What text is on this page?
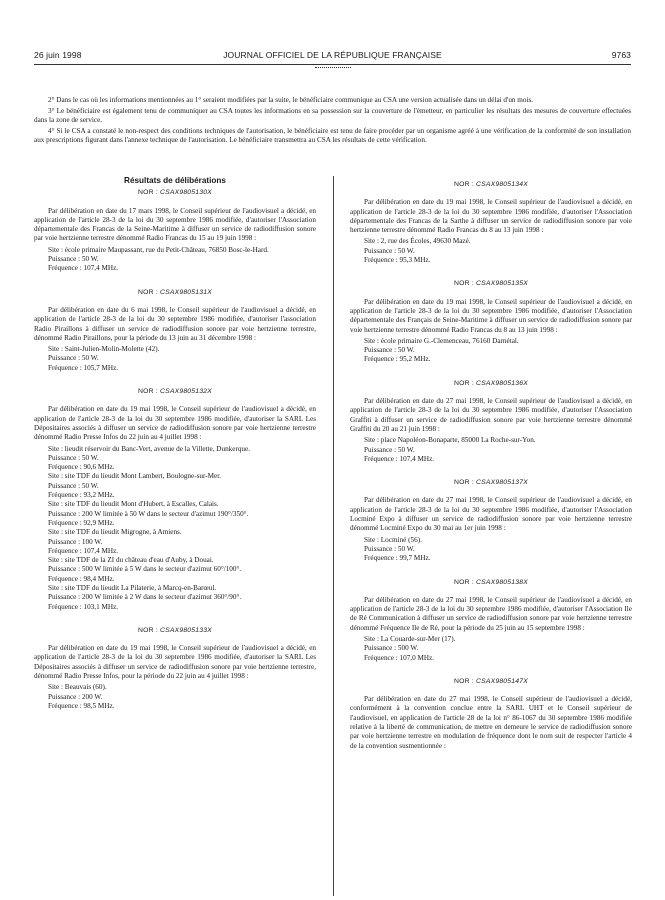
26 juin 1998	JOURNAL OFFICIEL DE LA RÉPUBLIQUE FRANÇAISE	9763

2° Dans le cas où les informations mentionnées au 1° seraient modifiées par la suite, le bénéficiaire communique au CSA une version actualisée dans un délai d'un mois.

3° Le bénéficiaire est également tenu de communiquer au CSA toutes les informations en sa possession sur la couverture de l'émetteur, en particulier les résultats des mesures de couverture effectuées dans la zone de service.

4° Si le CSA a constaté le non-respect des conditions techniques de l'autorisation, le bénéficiaire est tenu de faire procéder par un organisme agréé à une vérification de la conformité de son installation aux prescriptions figurant dans l'annexe technique de l'autorisation. Le bénéficiaire transmettra au CSA les résultats de cette vérification.

Résultats de délibérations
NOR : CSAX9805130X

Par délibération en date du 17 mars 1998, le Conseil supérieur de l'audiovisuel a décidé, en application de l'article 28-3 de la loi du 30 septembre 1986 modifiée, d'autoriser l'Association départementale des Francas de la Seine-Maritime à diffuser un service de radiodiffusion sonore par voie hertzienne terrestre dénommé Radio Francas du 15 au 19 juin 1998 :

Site : école primaire Maupassant, rue du Petit-Château, 76850 Bosc-le-Hard.

Puissance : 50 W.

Fréquence : 107,4 MHz.

NOR : CSAX9805131X

Par délibération en date du 6 mai 1998, le Conseil supérieur de l'audiovisuel a décidé, en application de l'article 28-3 de la loi du 30 septembre 1986 modifiée, d'autoriser l'association Radio Piraillons à diffuser un service de radiodiffusion sonore par voie hertzienne terrestre, dénommé Radio Piraillons, pour la période du 13 juin au 31 décembre 1998 :

Site : Saint-Julien-Molin-Molette (42).

Puissance : 50 W.

Fréquence : 105,7 MHz.

NOR : CSAX9805132X

Par délibération en date du 19 mai 1998, le Conseil supérieur de l'audiovisuel a décidé, en application de l'article 28-3 de la loi du 30 septembre 1986 modifiée, d'autoriser la SARL Les Dépositaires associés à diffuser un service de radiodiffusion sonore par voie hertzienne terrestre dénommé Radio Presse Infos du 22 juin au 4 juillet 1998 :

Site : lieudit réservoir du Banc-Vert, avenue de la Villette, Dunkerque.

Puissance : 50 W.

Fréquence : 90,6 MHz.

Site : site TDF du lieudit Mont Lambert, Boulogne-sur-Mer.

Puissance : 50 W.

Fréquence : 93,2 MHz.

Site : site TDF du lieudit Mont d'Hubert, à Escalles, Calais.

Puissance : 200 W limitée à 50 W dans le secteur d'azimut 190°/350°.

Fréquence : 92,9 MHz.

Site : site TDF du lieudit Migrogne, à Amiens.

Puissance : 100 W.

Fréquence : 107,4 MHz.

Site : site TDF de la ZI du château d'eau d'Auby, à Douai.

Puissance : 500 W limitée à 5 W dans le secteur d'azimut 60°/100°.

Fréquence : 98,4 MHz.

Site : site TDF du lieudit La Pilaterie, à Marcq-en-Barœul.

Puissance : 200 W limitée à 2 W dans le secteur d'azimut 360°/90°.

Fréquence : 103,1 MHz.

NOR : CSAX9805133X

Par délibération en date du 19 mai 1998, le Conseil supérieur de l'audiovisuel a décidé, en application de l'article 28-3 de la loi du 30 septembre 1986 modifiée, d'autoriser la SARL Les Dépositaires associés à diffuser un service de radiodiffusion sonore par voie hertzienne terrestre, dénommé Radio Presse Infos, pour la période du 22 juin au 4 juillet 1998 :

Site : Beauvais (60).

Puissance : 200 W.

Fréquence : 98,5 MHz.

NOR : CSAX9805134X

Par délibération en date du 19 mai 1998, le Conseil supérieur de l'audiovisuel a décidé, en application de l'article 28-3 de la loi du 30 septembre 1986 modifiée, d'autoriser l'Association départementale des Francas de la Sarthe à diffuser un service de radiodiffusion sonore par voie hertzienne terrestre dénommé Radio Francas du 8 au 13 juin 1998 :

Site : 2, rue des Écoles, 49630 Mazé.

Puissance : 50 W.

Fréquence : 95,3 MHz.

NOR : CSAX9805135X

Par délibération en date du 19 mai 1998, le Conseil supérieur de l'audiovisuel a décidé, en application de l'article 28-3 de la loi du 30 septembre 1986 modifiée, d'autoriser l'Association départementale des Français de Seine-Maritime à diffuser un service de radiodiffusion sonore par voie hertzienne terrestre dénommé Radio Francas du 8 au 13 juin 1998 :

Site : école primaire G.-Clemenceau, 76160 Darnétal.

Puissance : 50 W.

Fréquence : 95,2 MHz.

NOR : CSAX9805136X

Par délibération en date du 27 mai 1998, le Conseil supérieur de l'audiovisuel a décidé, en application de l'article 28-3 de la loi du 30 septembre 1986 modifiée, d'autoriser l'Association Graffiti à diffuser un service de radiodiffusion sonore par voie hertzienne terrestre dénommé Graffiti du 20 au 21 juin 1998 :

Site : place Napoléon-Bonaparte, 85000 La Roche-sur-Yon.

Puissance : 50 W.

Fréquence : 107,4 MHz.

NOR : CSAX9805137X

Par délibération en date du 27 mai 1998, le Conseil supérieur de l'audiovisuel a décidé, en application de l'article 28-3 de la loi du 30 septembre 1986 modifiée, d'autoriser l'Association Locminé Expo à diffuser un service de radiodiffusion sonore par voie hertzienne terrestre dénommé Locminé Expo du 30 mai au 1er juin 1998 :

Site : Locminé (56).

Puissance : 50 W.

Fréquence : 99,7 MHz.

NOR : CSAX9805138X

Par délibération en date du 27 mai 1998, le Conseil supérieur de l'audiovisuel a décidé, en application de l'article 28-3 de la loi du 30 septembre 1986 modifiée, d'autoriser l'Association Ile de Ré Communication à diffuser un service de radiodiffusion sonore par voie hertzienne terrestre dénommé Fréquence Ile de Ré, pour la période du 25 juin au 15 septembre 1998 :

Site : La Couarde-sur-Mer (17).

Puissance : 500 W.

Fréquence : 107,0 MHz.

NOR : CSAX9805147X

Par délibération en date du 27 mai 1998, le Conseil supérieur de l'audiovisuel a décidé, conformément à la convention conclue entre la SARL UHT et le Conseil supérieur de l'audiovisuel, en application de l'article 28 de la loi n° 86-1067 du 30 septembre 1986 modifiée relative à la liberté de communication, de mettre en demeure le service de radiodiffusion sonore par voie hertzienne terrestre en modulation de fréquence dont le nom suit de respecter l'article 4 de la convention susmentionnée :
